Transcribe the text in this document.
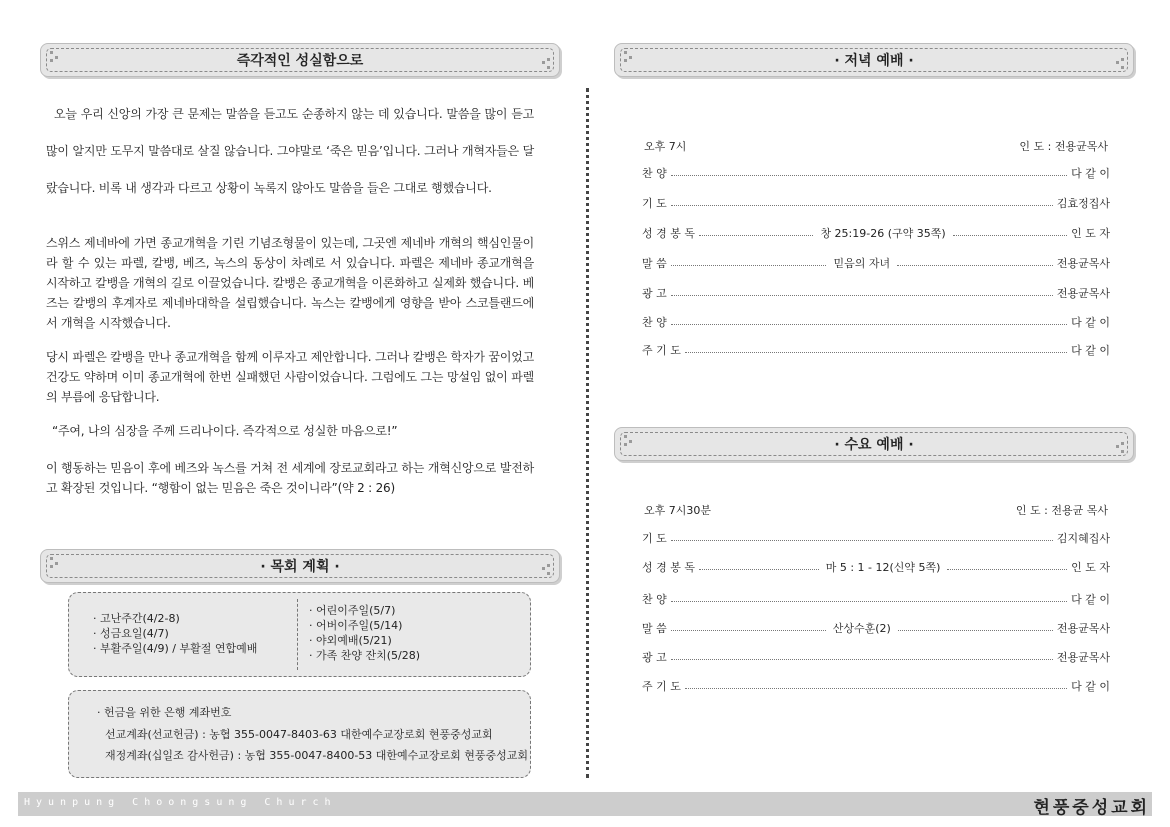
즉각적인 성실함으로

오늘 우리 신앙의 가장 큰 문제는 말씀을 듣고도 순종하지 않는 데 있습니다. 말씀을 많이 듣고 많이 알지만 도무지 말씀대로 살질 않습니다. 그야말로 ‘죽은 믿음’입니다. 그러나 개혁자들은 달랐습니다. 비록 내 생각과 다르고 상황이 녹록지 않아도 말씀을 들은 그대로 행했습니다.

스위스 제네바에 가면 종교개혁을 기린 기념조형물이 있는데, 그곳엔 제네바 개혁의 핵심인물이라 할 수 있는 파렐, 칼뱅, 베즈, 녹스의 동상이 차례로 서 있습니다. 파렐은 제네바 종교개혁을 시작하고 칼뱅을 개혁의 길로 이끌었습니다. 칼뱅은 종교개혁을 이론화하고 실제화 했습니다. 베즈는 칼뱅의 후계자로 제네바대학을 설립했습니다. 녹스는 칼뱅에게 영향을 받아 스코틀랜드에서 개혁을 시작했습니다.

당시 파렐은 칼뱅을 만나 종교개혁을 함께 이루자고 제안합니다. 그러나 칼뱅은 학자가 꿈이었고 건강도 약하며 이미 종교개혁에 한번 실패했던 사람이었습니다. 그럼에도 그는 망설임 없이 파렐의 부름에 응답합니다.

“주여, 나의 심장을 주께 드리나이다. 즉각적으로 성실한 마음으로!”

이 행동하는 믿음이 후에 베즈와 녹스를 거쳐 전 세계에 장로교회라고 하는 개혁신앙으로 발전하고 확장된 것입니다. “행함이 없는 믿음은 죽은 것이니라”(약 2 : 26)

· 목회 계획 ·
· 고난주간(4/2-8)
· 성금요일(4/7)
· 부활주일(4/9) / 부활절 연합예배
· 어린이주일(5/7)
· 어버이주일(5/14)
· 야외예배(5/21)
· 가족 찬양 잔치(5/28)
· 헌금을 위한 은행 계좌번호
선교계좌(선교헌금) : 농협 355-0047-8403-63 대한예수교장로회 현풍중성교회
재정계좌(십일조 감사헌금) : 농협 355-0047-8400-53 대한예수교장로회 현풍중성교회
· 저녁 예배 ·
오후 7시	인 도 : 전용균목사
찬 양	다 같 이
기 도	김효정집사
성 경 봉 독	창 25:19-26 (구약 35쪽)	인 도 자
말 씀	믿음의 자녀	전용균목사
광 고	전용균목사
찬 양	다 같 이
주 기 도	다 같 이
· 수요 예배 ·
오후 7시30분	인 도 : 전용균 목사
기 도	김지혜집사
성 경 봉 독	마 5 : 1 - 12(신약 5쪽)	인 도 자
찬 양	다 같 이
말 씀	산상수훈(2)	전용균목사
광 고	전용균목사
주 기 도	다 같 이
Hyunpung Choongsung Church	현풍중성교회
